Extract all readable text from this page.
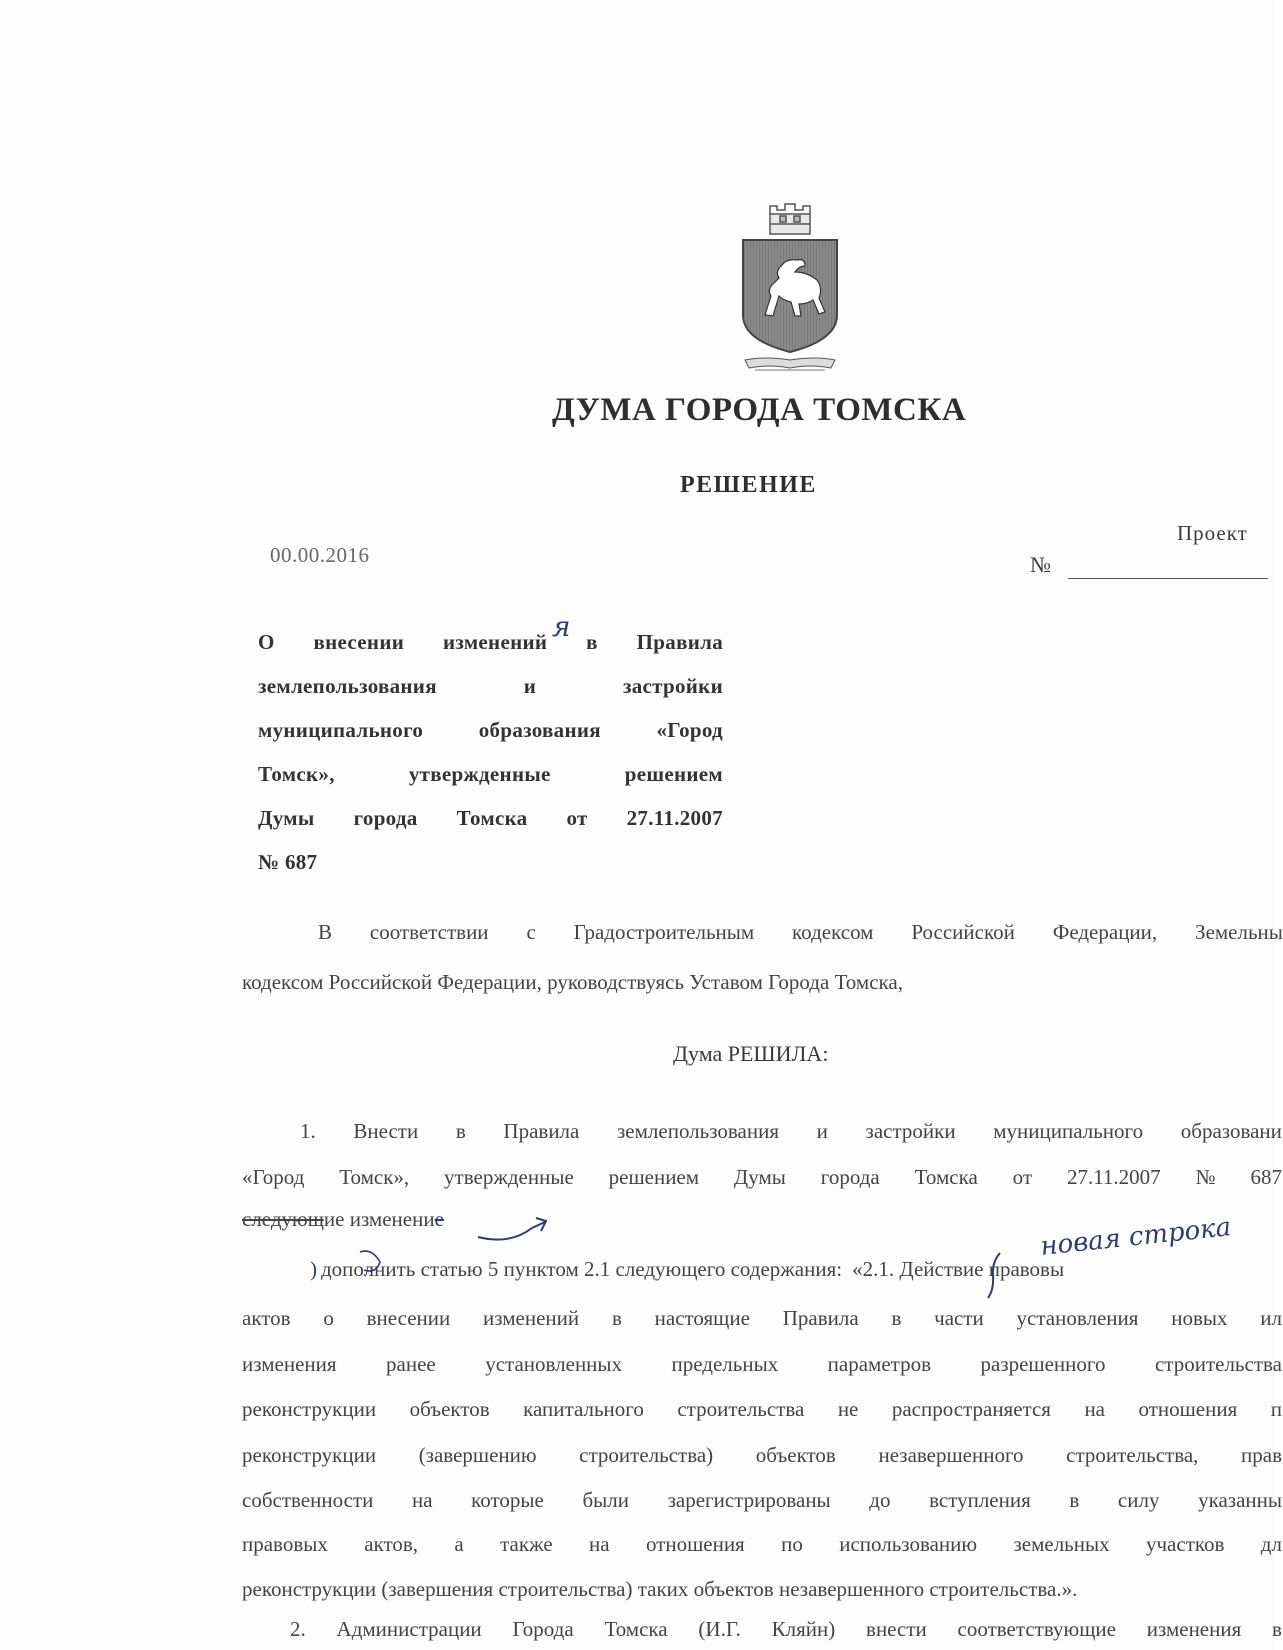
ДУМА ГОРОДА ТОМСКА
РЕШЕНИЕ
Проект
№
00.00.2016
О внесении изменений в Правила
землепользования	и	застройки
муниципального	образования	«Город
Томск»,	утвержденные	решением
Думы города Томска от 27.11.2007
№ 687
В соответствии с Градостроительным кодексом Российской Федерации, Земельны
кодексом Российской Федерации, руководствуясь Уставом Города Томска,
Дума РЕШИЛА:
1. Внести в Правила землепользования и застройки муниципального образовани
«Город Томск», утвержденные решением Думы города Томска от 27.11.2007 № 687
следующ ие изменени е
) дополни ть статью 5 пунктом 2.1 следующего содержания: «2.1. Действие правовы
актов о внесении изменений в настоящие Правила в части установления новых ил
изменения ранее установленных предельных параметров разрешенного строительства
реконструкции объектов капитального строительства не распространяется на отношения п
реконструкции (завершению строительства) объектов незавершенного строительства, прав
собственности на которые были зарегистрированы до вступления в силу указанны
правовых актов, а также на отношения по использованию земельных участков дл
реконструкции (завершения строительства) таких объектов незавершенного строительства.».
2. Администрации Города Томска (И.Г. Кляйн) внести соответствующие изменения в
новая строка
я
